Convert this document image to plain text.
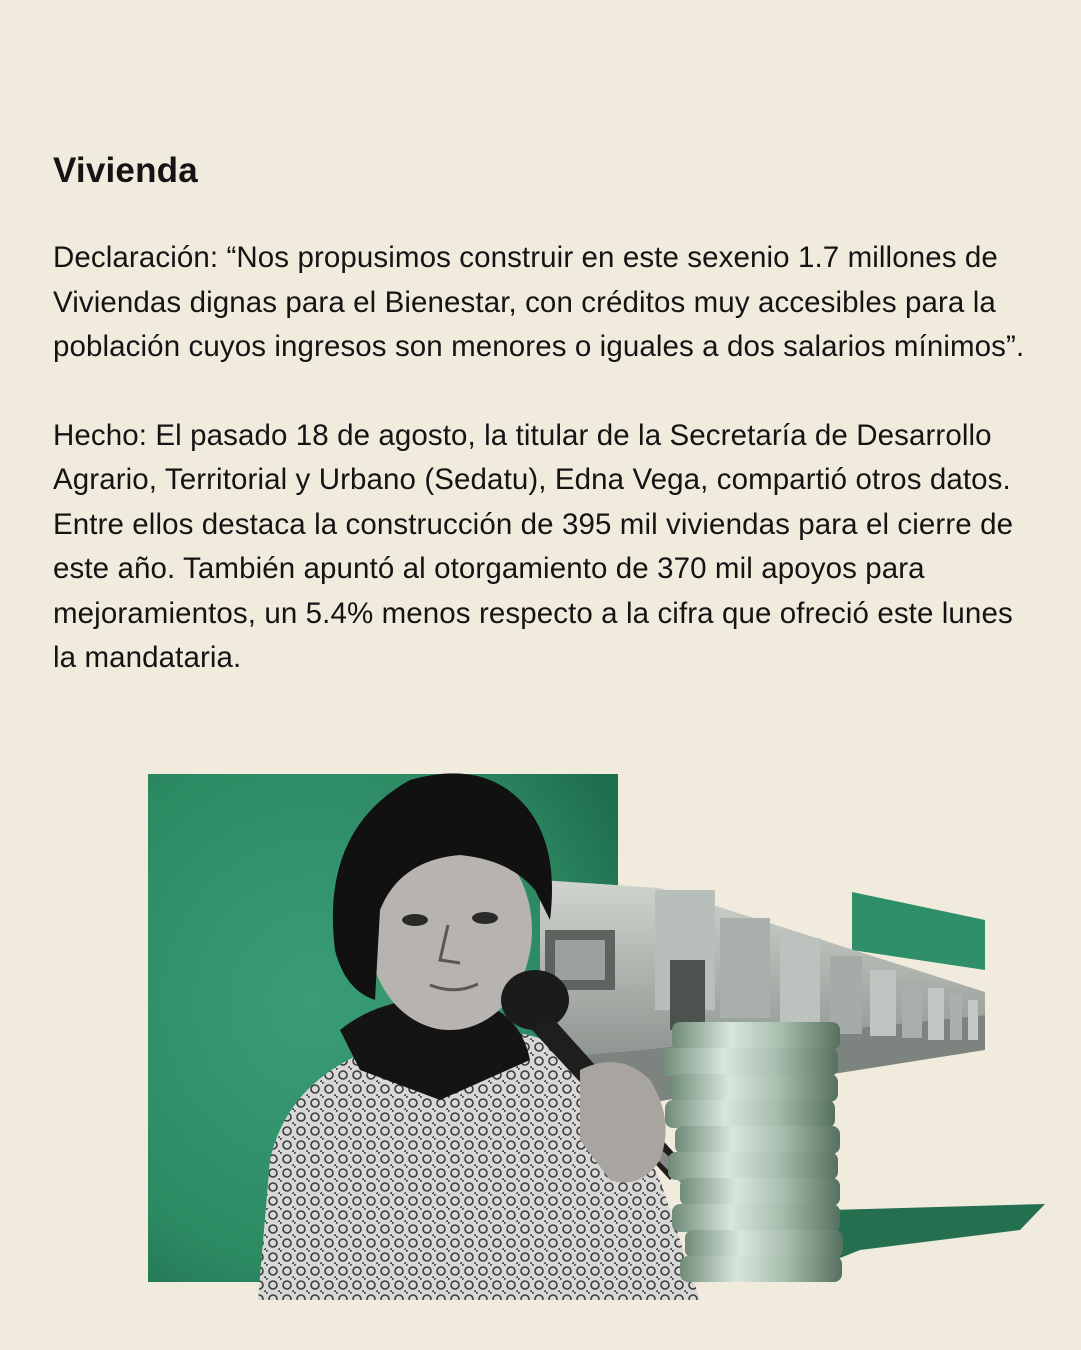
Vivienda

Declaración: “Nos propusimos construir en este sexenio 1.7 millones de Viviendas dignas para el Bienestar, con créditos muy accesibles para la población cuyos ingresos son menores o iguales a dos salarios mínimos”.

Hecho: El pasado 18 de agosto, la titular de la Secretaría de Desarrollo Agrario, Territorial y Urbano (Sedatu), Edna Vega, compartió otros datos. Entre ellos destaca la construcción de 395 mil viviendas para el cierre de este año. También apuntó al otorgamiento de 370 mil apoyos para mejoramientos, un 5.4% menos respecto a la cifra que ofreció este lunes la mandataria.
